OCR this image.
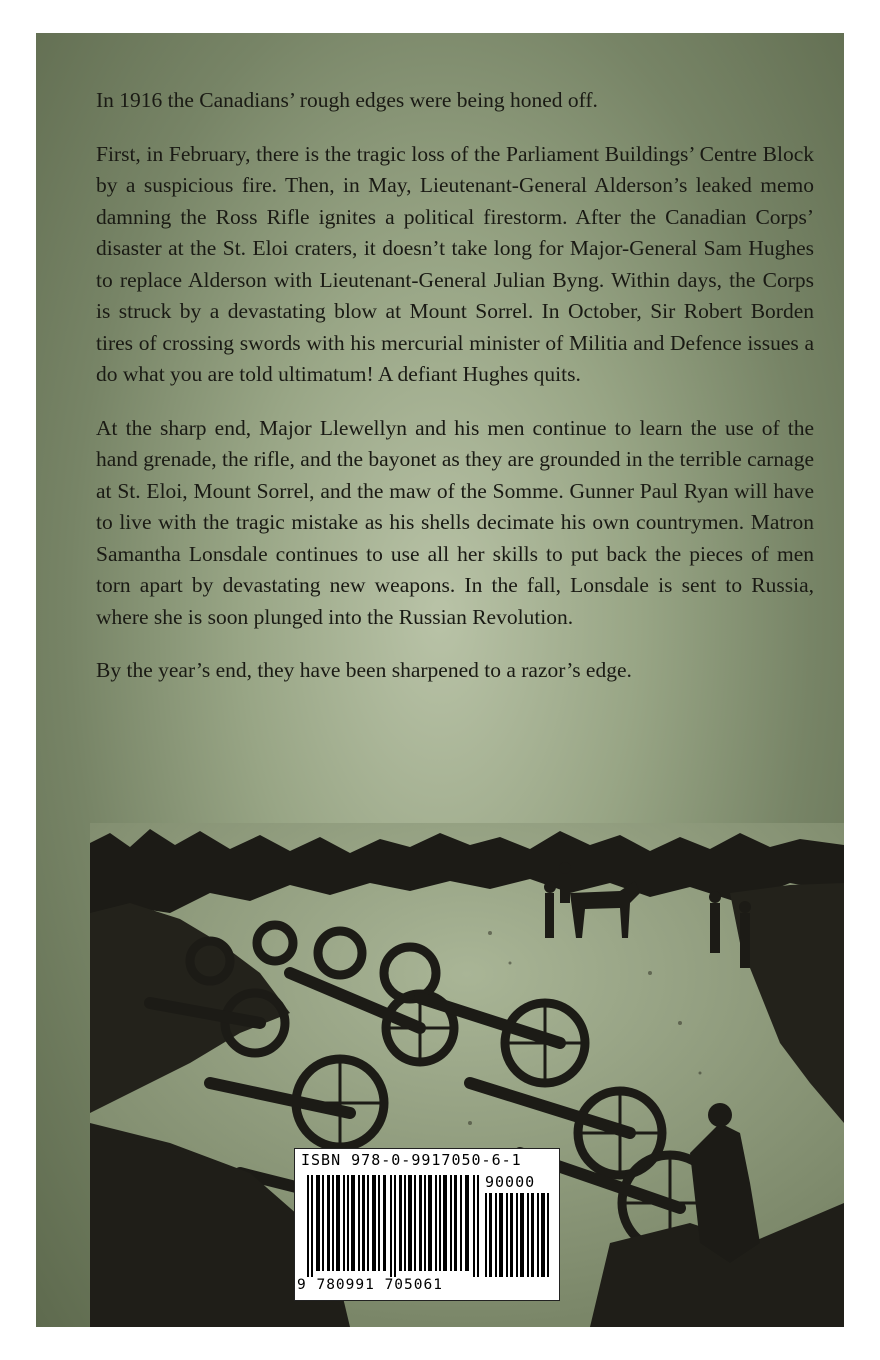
In 1916 the Canadians’ rough edges were being honed off.

First, in February, there is the tragic loss of the Parliament Buildings’ Centre Block by a suspicious fire. Then, in May, Lieutenant-General Alderson’s leaked memo damning the Ross Rifle ignites a political firestorm. After the Canadian Corps’ disaster at the St. Eloi craters, it doesn’t take long for Major-General Sam Hughes to replace Alderson with Lieutenant-General Julian Byng. Within days, the Corps is struck by a devastating blow at Mount Sorrel. In October, Sir Robert Borden tires of crossing swords with his mercurial minister of Militia and Defence issues a do what you are told ultimatum! A defiant Hughes quits.

At the sharp end, Major Llewellyn and his men continue to learn the use of the hand grenade, the rifle, and the bayonet as they are grounded in the terrible carnage at St. Eloi, Mount Sorrel, and the maw of the Somme. Gunner Paul Ryan will have to live with the tragic mistake as his shells decimate his own countrymen. Matron Samantha Lonsdale continues to use all her skills to put back the pieces of men torn apart by devastating new weapons. In the fall, Lonsdale is sent to Russia, where she is soon plunged into the Russian Revolution.

By the year’s end, they have been sharpened to a razor’s edge.

ISBN 978-0-9917050-6-1
90000
9 780991 705061
